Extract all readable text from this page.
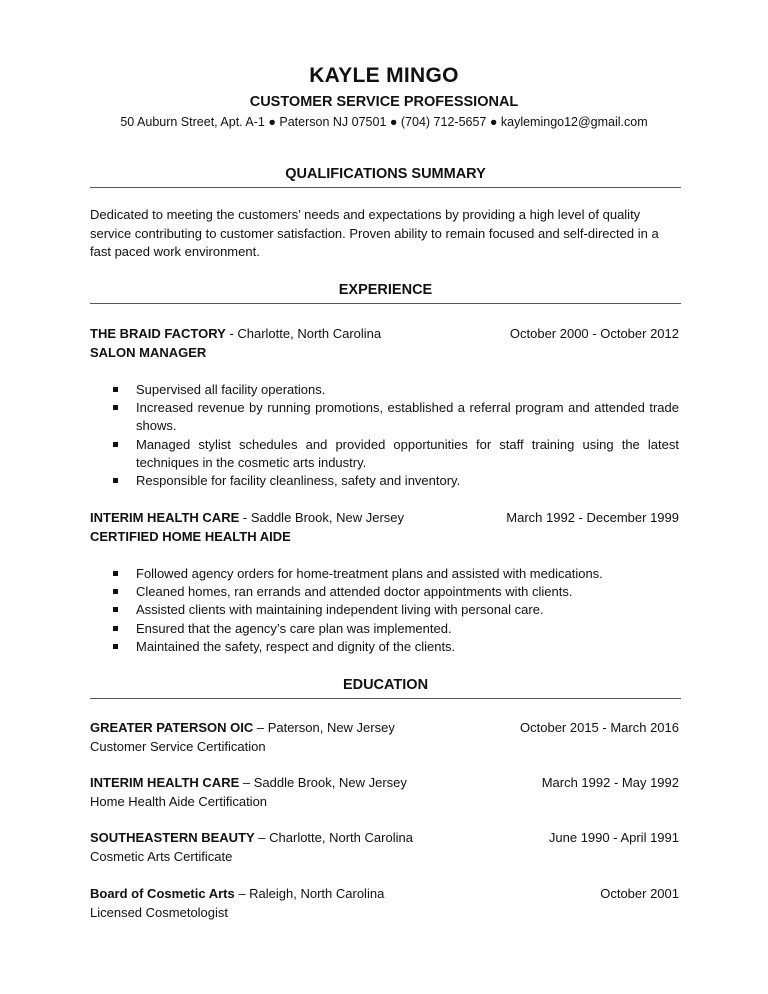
KAYLE MINGO
CUSTOMER SERVICE PROFESSIONAL
50 Auburn Street, Apt. A-1 ● Paterson NJ 07501 ● (704) 712-5657 ● kaylemingo12@gmail.com
QUALIFICATIONS SUMMARY
Dedicated to meeting the customers’ needs and expectations by providing a high level of quality service contributing to customer satisfaction. Proven ability to remain focused and self-directed in a fast paced work environment.
EXPERIENCE
THE BRAID FACTORY - Charlotte, North Carolina	October 2000 - October 2012
SALON MANAGER
Supervised all facility operations.
Increased revenue by running promotions, established a referral program and attended trade shows.
Managed stylist schedules and provided opportunities for staff training using the latest techniques in the cosmetic arts industry.
Responsible for facility cleanliness, safety and inventory.
INTERIM HEALTH CARE - Saddle Brook, New Jersey	March 1992 - December 1999
CERTIFIED HOME HEALTH AIDE
Followed agency orders for home-treatment plans and assisted with medications.
Cleaned homes, ran errands and attended doctor appointments with clients.
Assisted clients with maintaining independent living with personal care.
Ensured that the agency’s care plan was implemented.
Maintained the safety, respect and dignity of the clients.
EDUCATION
GREATER PATERSON OIC – Paterson, New Jersey	October 2015 - March 2016
Customer Service Certification
INTERIM HEALTH CARE – Saddle Brook, New Jersey	March 1992 - May 1992
Home Health Aide Certification
SOUTHEASTERN BEAUTY – Charlotte, North Carolina	June 1990 - April 1991
Cosmetic Arts Certificate
Board of Cosmetic Arts – Raleigh, North Carolina	October 2001
Licensed Cosmetologist
